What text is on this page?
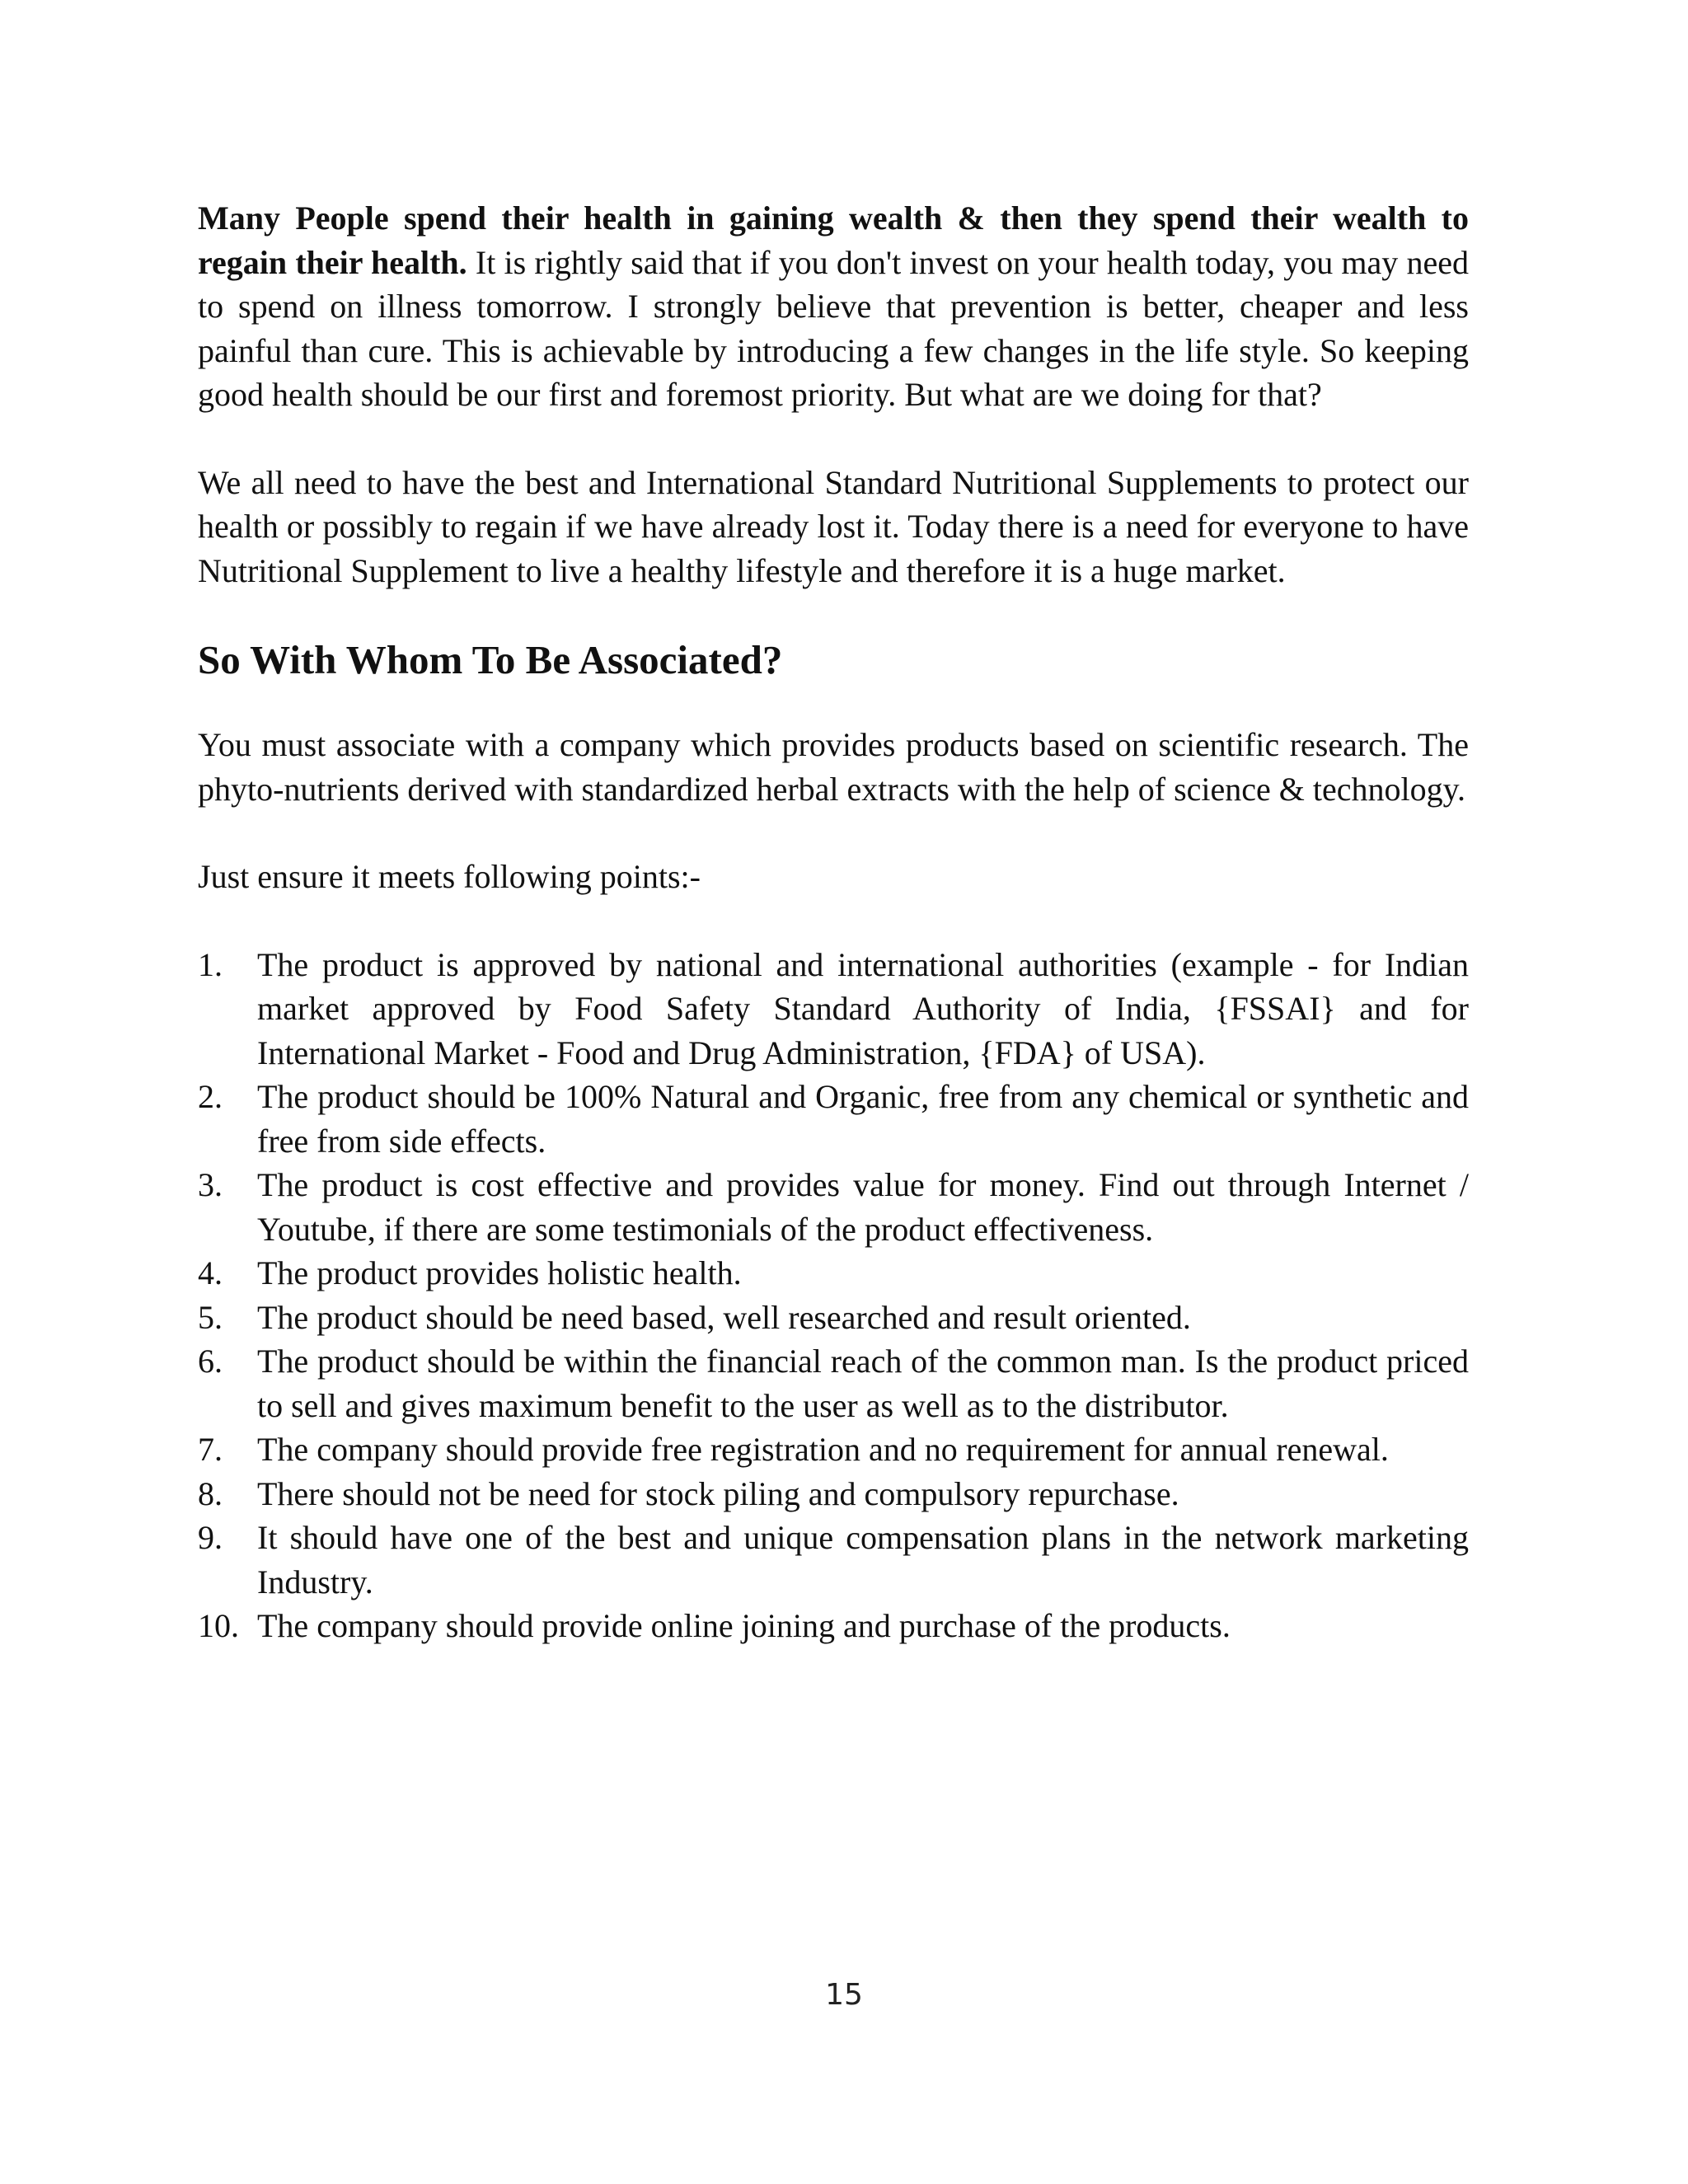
Many People spend their health in gaining wealth & then they spend their wealth to regain their health. It is rightly said that if you don't invest on your health today, you may need to spend on illness tomorrow. I strongly believe that prevention is better, cheaper and less painful than cure. This is achievable by introducing a few changes in the life style. So keeping good health should be our first and foremost priority. But what are we doing for that?

We all need to have the best and International Standard Nutritional Supplements to protect our health or possibly to regain if we have already lost it. Today there is a need for everyone to have Nutritional Supplement to live a healthy lifestyle and therefore it is a huge market.

So With Whom To Be Associated?

You must associate with a company which provides products based on scientific research. The phyto-nutrients derived with standardized herbal extracts with the help of science & technology.

Just ensure it meets following points:-

1. The product is approved by national and international authorities (example - for Indian market approved by Food Safety Standard Authority of India, {FSSAI} and for International Market - Food and Drug Administration, {FDA} of USA).
2. The product should be 100% Natural and Organic, free from any chemical or synthetic and free from side effects.
3. The product is cost effective and provides value for money. Find out through Internet / Youtube, if there are some testimonials of the product effectiveness.
4. The product provides holistic health.
5. The product should be need based, well researched and result oriented.
6. The product should be within the financial reach of the common man. Is the product priced to sell and gives maximum benefit to the user as well as to the distributor.
7. The company should provide free registration and no requirement for annual renewal.
8. There should not be need for stock piling and compulsory repurchase.
9. It should have one of the best and unique compensation plans in the network marketing Industry.
10. The company should provide online joining and purchase of the products.
15
